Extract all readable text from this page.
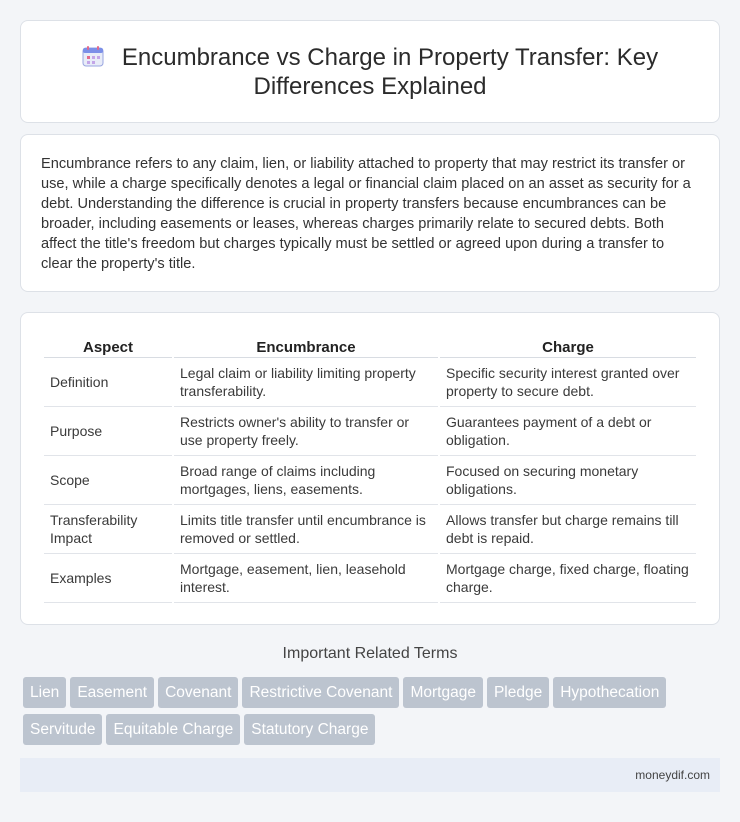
Encumbrance vs Charge in Property Transfer: Key Differences Explained

Encumbrance refers to any claim, lien, or liability attached to property that may restrict its transfer or use, while a charge specifically denotes a legal or financial claim placed on an asset as security for a debt. Understanding the difference is crucial in property transfers because encumbrances can be broader, including easements or leases, whereas charges primarily relate to secured debts. Both affect the title's freedom but charges typically must be settled or agreed upon during a transfer to clear the property's title.

Aspect	Encumbrance	Charge
Definition	Legal claim or liability limiting property transferability.	Specific security interest granted over property to secure debt.
Purpose	Restricts owner's ability to transfer or use property freely.	Guarantees payment of a debt or obligation.
Scope	Broad range of claims including mortgages, liens, easements.	Focused on securing monetary obligations.
Transferability Impact	Limits title transfer until encumbrance is removed or settled.	Allows transfer but charge remains till debt is repaid.
Examples	Mortgage, easement, lien, leasehold interest.	Mortgage charge, fixed charge, floating charge.
Important Related Terms
Lien Easement Covenant Restrictive Covenant Mortgage Pledge HypothecationServitude Equitable Charge Statutory Charge
moneydif.com
